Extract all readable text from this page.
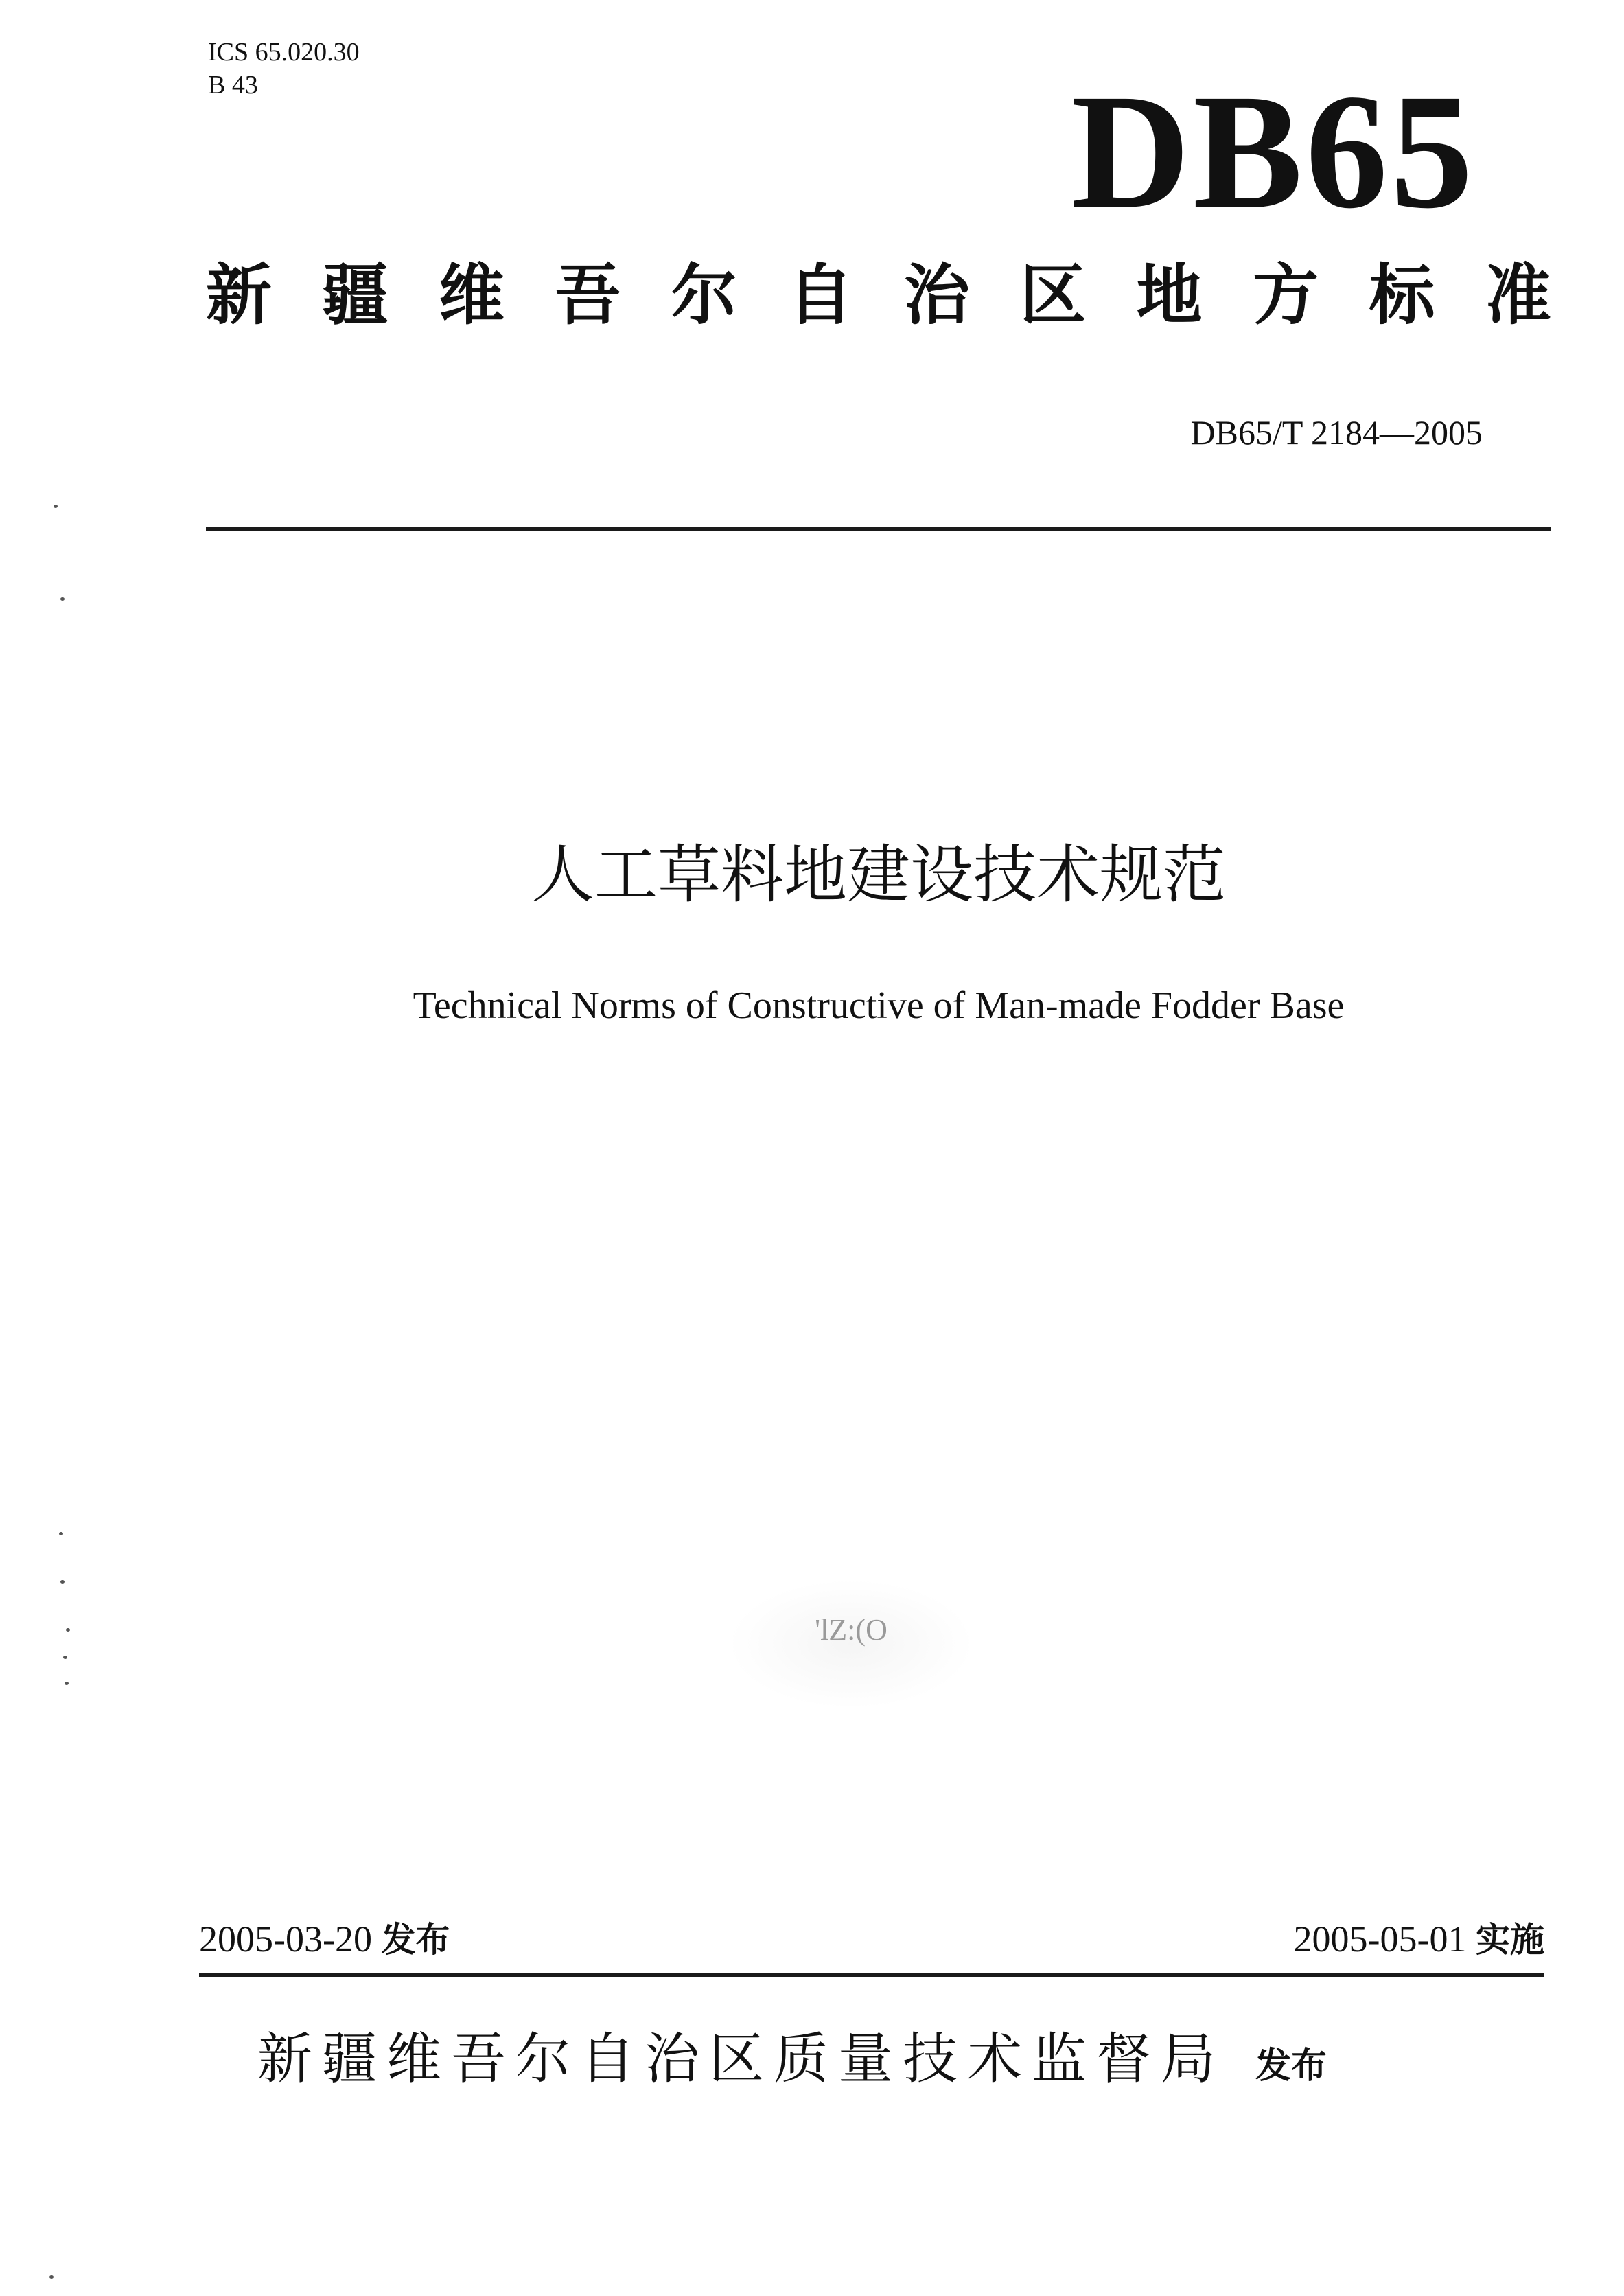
ICS 65.020.30
B 43	DB65
新 疆 维 吾 尔 自 治 区 地 方 标 准
DB65/T 2184—2005
人工草料地建设技术规范
Technical Norms of Constructive of Man-made Fodder Base
'lZ:(O
2005-03-20 发布	2005-05-01 实施
新疆维吾尔自治区质量技术监督局 发布
